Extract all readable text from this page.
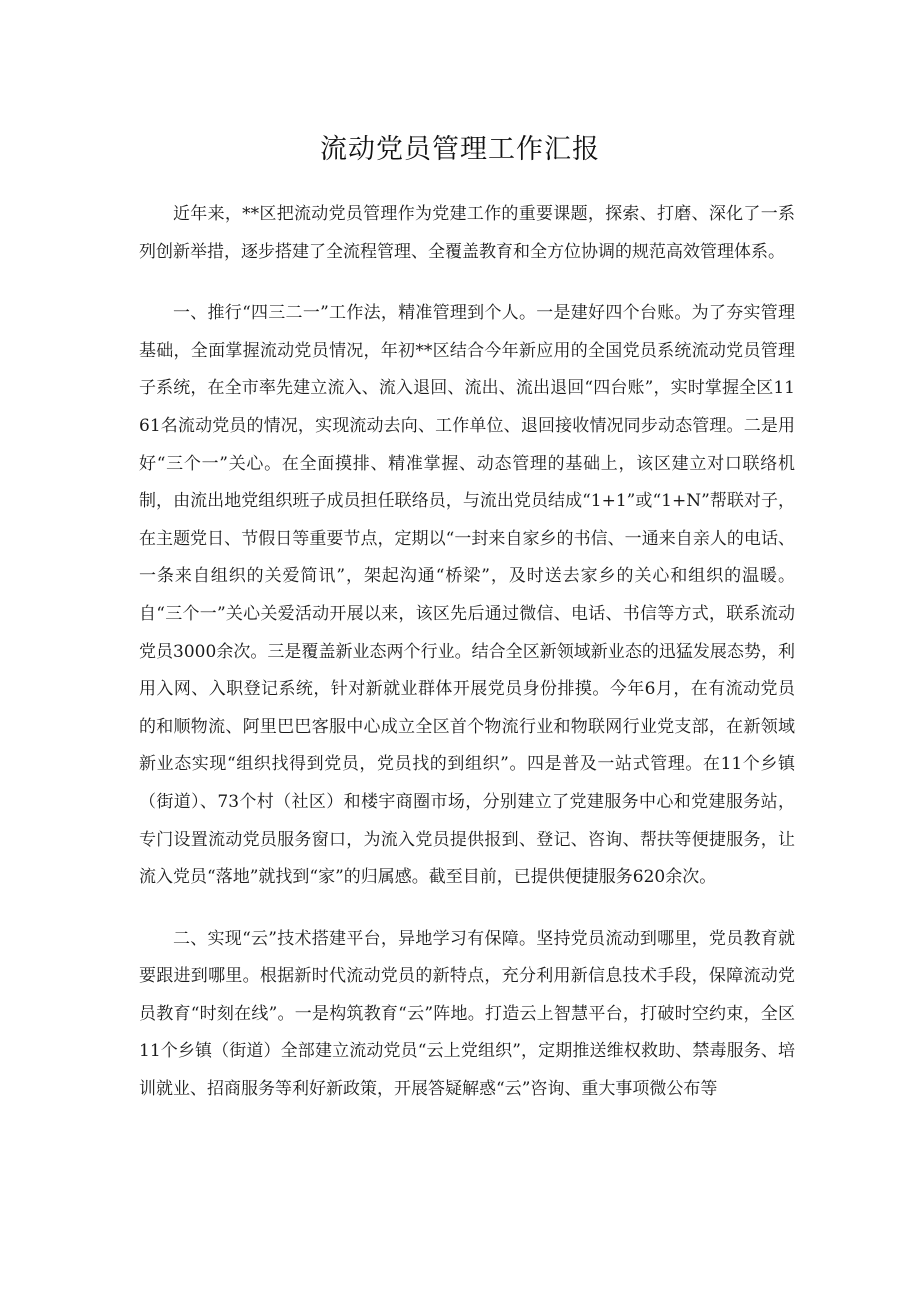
流动党员管理工作汇报

近年来，**区把流动党员管理作为党建工作的重要课题，探索、打磨、深化了一系列创新举措，逐步搭建了全流程管理、全覆盖教育和全方位协调的规范高效管理体系。

一、推行“四三二一”工作法，精准管理到个人。一是建好四个台账。为了夯实管理基础，全面掌握流动党员情况，年初**区结合今年新应用的全国党员系统流动党员管理子系统，在全市率先建立流入、流入退回、流出、流出退回“四台账”，实时掌握全区1161名流动党员的情况，实现流动去向、工作单位、退回接收情况同步动态管理。二是用好“三个一”关心。在全面摸排、精准掌握、动态管理的基础上，该区建立对口联络机制，由流出地党组织班子成员担任联络员，与流出党员结成“1+1”或“1+N”帮联对子，在主题党日、节假日等重要节点，定期以“一封来自家乡的书信、一通来自亲人的电话、一条来自组织的关爱简讯”，架起沟通“桥梁”，及时送去家乡的关心和组织的温暖。自“三个一”关心关爱活动开展以来，该区先后通过微信、电话、书信等方式，联系流动党员3000余次。三是覆盖新业态两个行业。结合全区新领域新业态的迅猛发展态势，利用入网、入职登记系统，针对新就业群体开展党员身份排摸。今年6月，在有流动党员的和顺物流、阿里巴巴客服中心成立全区首个物流行业和物联网行业党支部，在新领域新业态实现“组织找得到党员，党员找的到组织”。四是普及一站式管理。在11个乡镇（街道）、73个村（社区）和楼宇商圈市场，分别建立了党建服务中心和党建服务站，专门设置流动党员服务窗口，为流入党员提供报到、登记、咨询、帮扶等便捷服务，让流入党员“落地”就找到“家”的归属感。截至目前，已提供便捷服务620余次。

二、实现“云”技术搭建平台，异地学习有保障。坚持党员流动到哪里，党员教育就要跟进到哪里。根据新时代流动党员的新特点，充分利用新信息技术手段，保障流动党员教育“时刻在线”。一是构筑教育“云”阵地。打造云上智慧平台，打破时空约束，全区11个乡镇（街道）全部建立流动党员“云上党组织”，定期推送维权救助、禁毒服务、培训就业、招商服务等利好新政策，开展答疑解惑“云”咨询、重大事项微公布等
